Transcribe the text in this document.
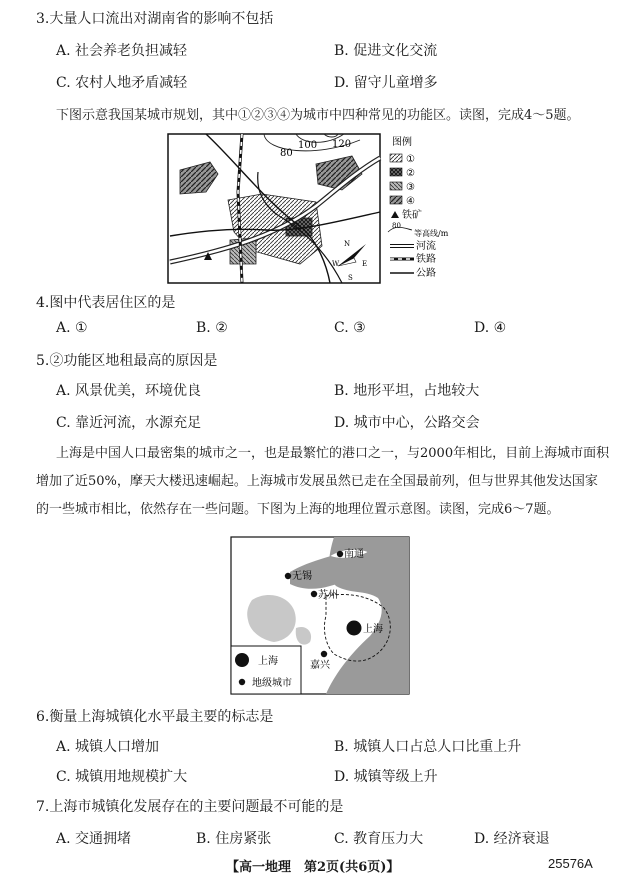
3.大量人口流出对湖南省的影响不包括
A. 社会养老负担减轻	B. 促进文化交流
C. 农村人地矛盾减轻	D. 留守儿童增多
下图示意我国某城市规划，其中①②③④为城市中四种常见的功能区。读图，完成4～5题。
80
100 120
N
W	E
S
图例
①
②
③
④
铁矿
80
等高线/m
河流
铁路
公路
4.图中代表居住区的是
A. ①	B. ②	C. ③	D. ④
5.②功能区地租最高的原因是
A. 风景优美，环境优良	B. 地形平坦，占地较大
C. 靠近河流，水源充足	D. 城市中心，公路交会
上海是中国人口最密集的城市之一，也是最繁忙的港口之一，与2000年相比，目前上海城市面积
增加了近50%，摩天大楼迅速崛起。上海城市发展虽然已走在全国最前列，但与世界其他发达国家
的一些城市相比，依然存在一些问题。下图为上海的地理位置示意图。读图，完成6～7题。
南通
无锡
苏州
上海
嘉兴
上海
地级城市
6.衡量上海城镇化水平最主要的标志是
A. 城镇人口增加	B. 城镇人口占总人口比重上升
C. 城镇用地规模扩大	D. 城镇等级上升
7.上海市城镇化发展存在的主要问题最不可能的是
A. 交通拥堵	B. 住房紧张	C. 教育压力大	D. 经济衰退
【高一地理　第2页(共6页)】	25576A
